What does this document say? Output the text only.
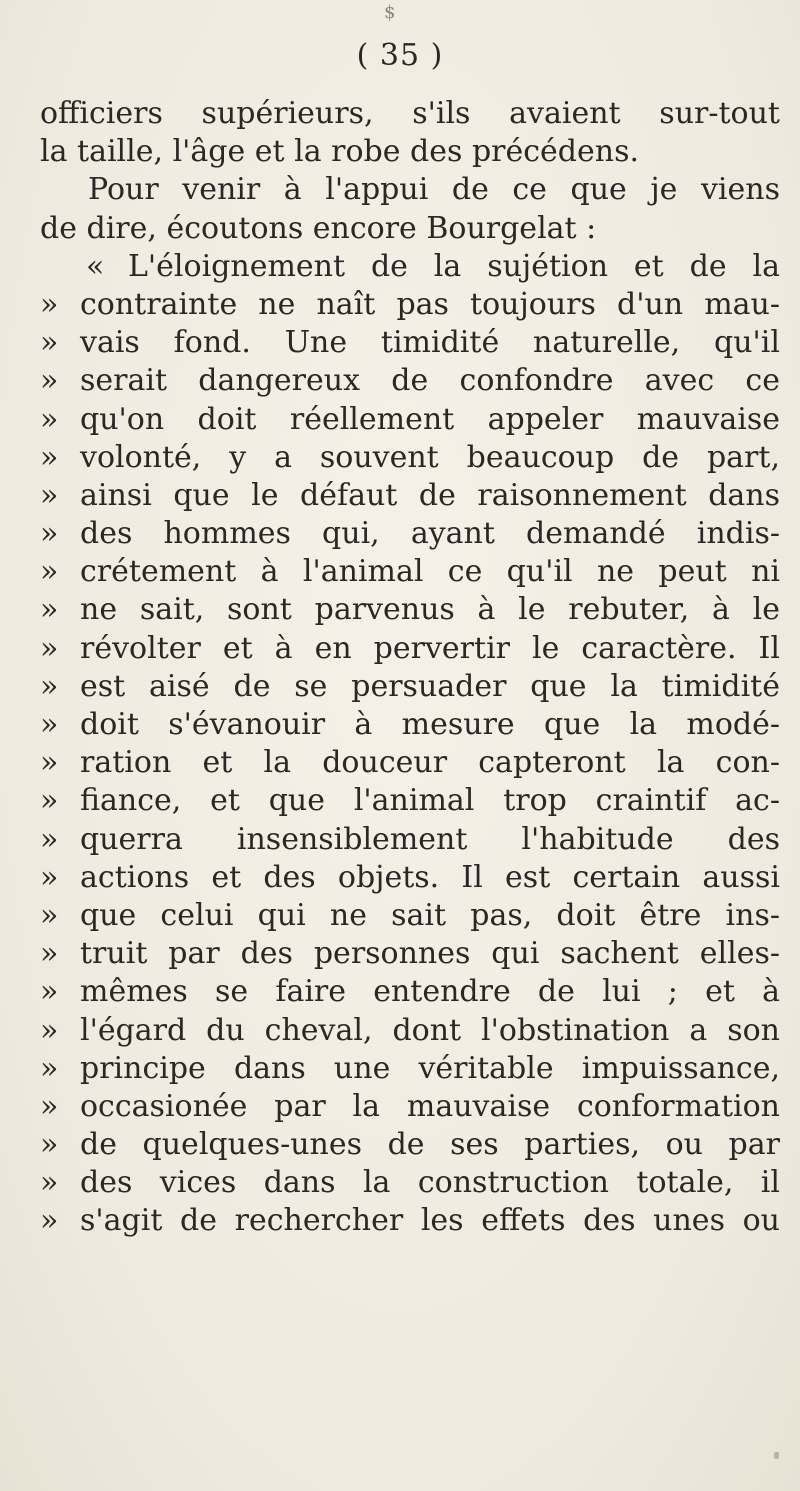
$
( 35 )
officiers supérieurs, s'ils avaient sur-tout
la taille, l'âge et la robe des précédens.
Pour venir à l'appui de ce que je viens
de dire, écoutons encore Bourgelat :
« L'éloignement de la sujétion et de la
» contrainte ne naît pas toujours d'un mau-
» vais fond. Une timidité naturelle, qu'il
» serait dangereux de confondre avec ce
» qu'on doit réellement appeler mauvaise
» volonté, y a souvent beaucoup de part,
» ainsi que le défaut de raisonnement dans
» des hommes qui, ayant demandé indis-
» crétement à l'animal ce qu'il ne peut ni
» ne sait, sont parvenus à le rebuter, à le
» révolter et à en pervertir le caractère. Il
» est aisé de se persuader que la timidité
» doit s'évanouir à mesure que la modé-
» ration et la douceur capteront la con-
» fiance, et que l'animal trop craintif ac-
» querra insensiblement l'habitude des
» actions et des objets. Il est certain aussi
» que celui qui ne sait pas, doit être ins-
» truit par des personnes qui sachent elles-
» mêmes se faire entendre de lui ; et à
» l'égard du cheval, dont l'obstination a son
» principe dans une véritable impuissance,
» occasionée par la mauvaise conformation
» de quelques-unes de ses parties, ou par
» des vices dans la construction totale, il
» s'agit de rechercher les effets des unes ou
